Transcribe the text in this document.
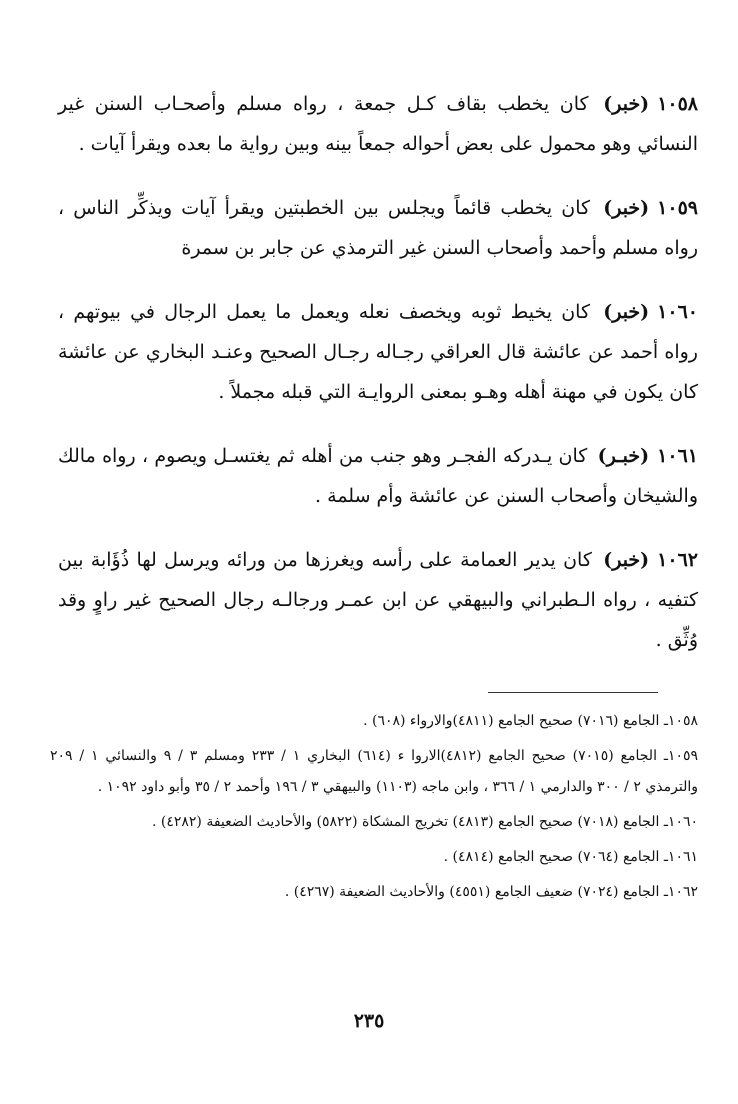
١٠٥٨(خبر) كان يخطب بقاف كـل جمعة ، رواه مسلم وأصحـاب السنن غير النسائي وهو محمول على بعض أحواله جمعاً بينه وبين رواية ما بعده ويقرأ آيات .

١٠٥٩(خبر) كان يخطب قائماً ويجلس بين الخطبتين ويقرأ آيات ويذكِّر الناس ، رواه مسلم وأحمد وأصحاب السنن غير الترمذي عن جابر بن سمرة

١٠٦٠(خبر) كان يخيط ثوبه ويخصف نعله ويعمل ما يعمل الرجال في بيوتهم ، رواه أحمد عن عائشة قال العراقي رجـاله رجـال الصحيح وعنـد البخاري عن عائشة كان يكون في مهنة أهله وهـو بمعنى الروايـة التي قبله مجملاً .

١٠٦١(خبـر) كان يـدركه الفجـر وهو جنب من أهله ثم يغتسـل ويصوم ، رواه مالك والشيخان وأصحاب السنن عن عائشة وأم سلمة .

١٠٦٢(خبر) كان يدير العمامة على رأسه ويغرزها من ورائه ويرسل لها ذُؤَابة بين كتفيه ، رواه الـطبراني والبيهقي عن ابن عمـر ورجالـه رجال الصحيح غير راوٍ وقد وُثِّق .

١٠٥٨ـ الجامع (٧٠١٦) صحيح الجامع (٤٨١١)والارواء (٦٠٨) .

١٠٥٩ـ الجامع (٧٠١٥) صحيح الجامع (٤٨١٢)الاروا ء (٦١٤) البخاري ١ / ٢٣٣ ومسلم ٣ / ٩ والنسائي ١ / ٢٠٩ والترمذي ٢ / ٣٠٠ والدارمي ١ / ٣٦٦ ، وابن ماجه (١١٠٣) والبيهقي ٣ / ١٩٦ وأحمد ٢ / ٣٥ وأبو داود ١٠٩٢ .

١٠٦٠ـ الجامع (٧٠١٨) صحيح الجامع (٤٨١٣) تخريج المشكاة (٥٨٢٢) والأحاديث الضعيفة (٤٢٨٢) .

١٠٦١ـ الجامع (٧٠٦٤) صحيح الجامع (٤٨١٤) .

١٠٦٢ـ الجامع (٧٠٢٤) ضعيف الجامع (٤٥٥١) والأحاديث الضعيفة (٤٢٦٧) .

٢٣٥
